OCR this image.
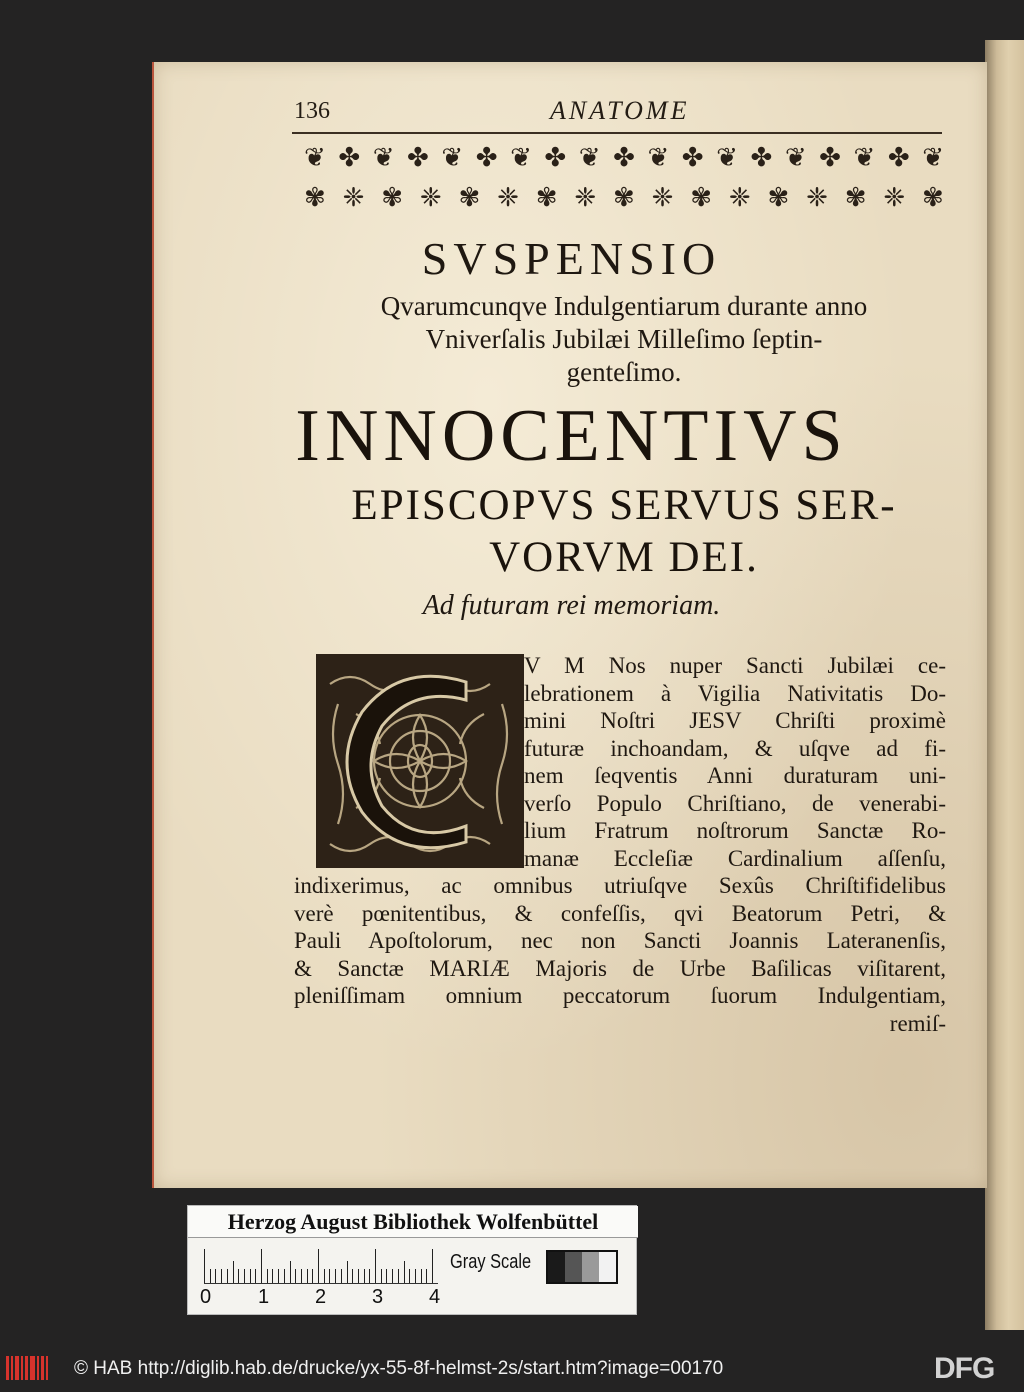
136	ANATOME
❦ ✤ ❦ ✤ ❦ ✤ ❦ ✤ ❦ ✤ ❦ ✤ ❦ ✤ ❦ ✤ ❦ ✤ ❦
✾ ❈ ✾ ❈ ✾ ❈ ✾ ❈ ✾ ❈ ✾ ❈ ✾ ❈ ✾ ❈ ✾
SVSPENSIO
Qvarumcunqve Indulgentiarum durante anno
Vniverſalis Jubilæi Milleſimo ſeptin-
genteſimo.
INNOCENTIVS
EPISCOPVS SERVUS SER-
VORVM DEI.
Ad futuram rei memoriam.
V M Nos nuper Sancti Jubilæi ce-
lebrationem à Vigilia Nativitatis Do-
mini Noſtri JESV Chriſti proximè
futuræ inchoandam, & uſqve ad fi-
nem ſeqventis Anni duraturam uni-
verſo Populo Chriſtiano, de venerabi-
lium Fratrum noſtrorum Sanctæ Ro-
manæ Eccleſiæ Cardinalium aſſenſu,
indixerimus, ac omnibus utriuſqve Sexûs Chriſtifidelibus
verè pœnitentibus, & confeſſis, qvi Beatorum Petri, &
Pauli Apoſtolorum, nec non Sancti Joannis Lateranenſis,
& Sanctæ MARIÆ Majoris de Urbe Baſilicas viſitarent,
pleniſſimam omnium peccatorum ſuorum Indulgentiam,
remiſ-
Herzog August Bibliothek Wolfenbüttel
0 1 2 3 4
Gray Scale
© HAB http://diglib.hab.de/drucke/yx-55-8f-helmst-2s/start.htm?image=00170	DFG
